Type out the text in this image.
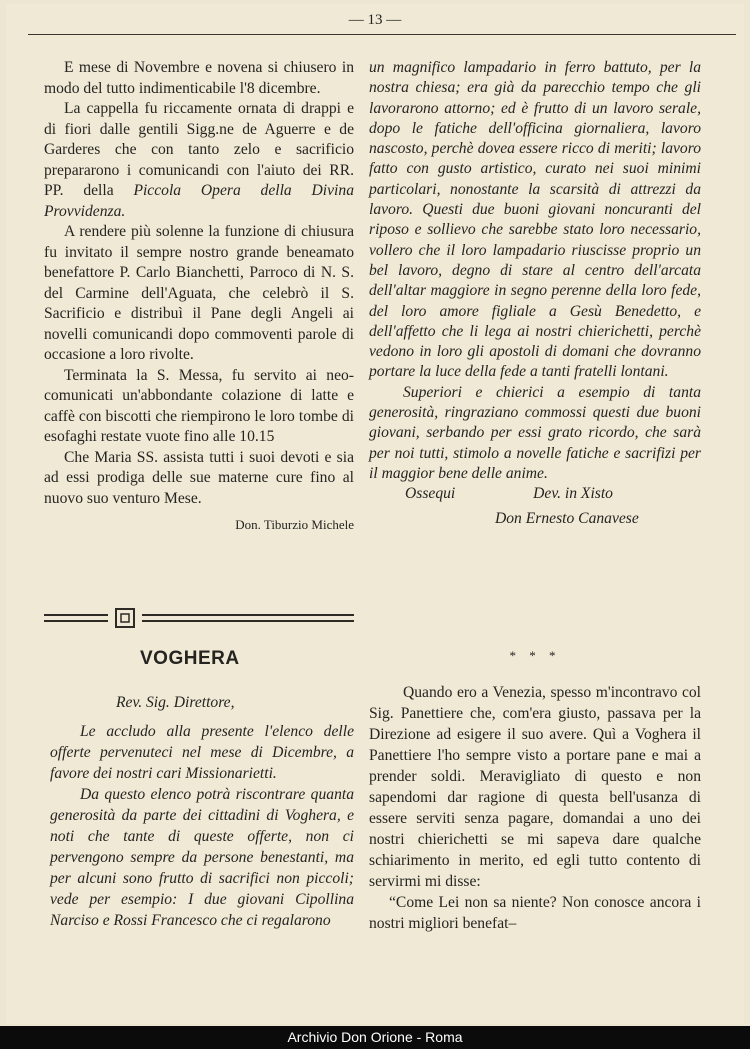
— 13 —

E mese di Novembre e novena si chiusero in modo del tutto indimenticabile l'8 dicembre.

La cappella fu riccamente ornata di drappi e di fiori dalle gentili Sigg.ne de Aguerre e de Garderes che con tanto zelo e sacrificio prepararono i comunicandi con l'aiuto dei RR. PP. della Piccola Opera della Divina Provvidenza.

A rendere più solenne la funzione di chiusura fu invitato il sempre nostro grande beneamato benefattore P. Carlo Bianchetti, Parroco di N. S. del Carmine dell'Aguata, che celebrò il S. Sacrificio e distribuì il Pane degli Angeli ai novelli comunicandi dopo commoventi parole di occasione a loro rivolte.

Terminata la S. Messa, fu servito ai neo-comunicati un'abbondante colazione di latte e caffè con biscotti che riempirono le loro tombe di esofaghi restate vuote fino alle 10.15

Che Maria SS. assista tutti i suoi devoti e sia ad essi prodiga delle sue materne cure fino al nuovo suo venturo Mese.

Don. Tiburzio Michele

VOGHERA

Rev. Sig. Direttore,

Le accludo alla presente l'elenco delle offerte pervenuteci nel mese di Dicembre, a favore dei nostri cari Missionarietti.

Da questo elenco potrà riscontrare quanta generosità da parte dei cittadini di Voghera, e noti che tante di queste offerte, non ci pervengono sempre da persone benestanti, ma per alcuni sono frutto di sacrifici non piccoli; vede per esempio: I due giovani Cipollina Narciso e Rossi Francesco che ci regalarono

un magnifico lampadario in ferro battuto, per la nostra chiesa; era già da parecchio tempo che gli lavorarono attorno; ed è frutto di un lavoro serale, dopo le fatiche dell'officina giornaliera, lavoro nascosto, perchè dovea essere ricco di meriti; lavoro fatto con gusto artistico, curato nei suoi minimi particolari, nonostante la scarsità di attrezzi da lavoro. Questi due buoni giovani noncuranti del riposo e sollievo che sarebbe stato loro necessario, vollero che il loro lampadario riuscisse proprio un bel lavoro, degno di stare al centro dell'arcata dell'altar maggiore in segno perenne della loro fede, del loro amore figliale a Gesù Benedetto, e dell'affetto che li lega ai nostri chierichetti, perchè vedono in loro gli apostoli di domani che dovranno portare la luce della fede a tanti fratelli lontani.

Superiori e chierici a esempio di tanta generosità, ringraziano commossi questi due buoni giovani, serbando per essi grato ricordo, che sarà per noi tutti, stimolo a novelle fatiche e sacrifizi per il maggior bene delle anime.

Ossequi	Dev. in Xisto

Don Ernesto Canavese

* * *

Quando ero a Venezia, spesso m'incontravo col Sig. Panettiere che, com'era giusto, passava per la Direzione ad esigere il suo avere. Quì a Voghera il Panettiere l'ho sempre visto a portare pane e mai a prender soldi. Meravigliato di questo e non sapendomi dar ragione di questa bell'usanza di essere serviti senza pagare, domandai a uno dei nostri chierichetti se mi sapeva dare qualche schiarimento in merito, ed egli tutto contento di servirmi mi disse:

“Come Lei non sa niente? Non conosce ancora i nostri migliori benefat–

Archivio Don Orione - Roma
